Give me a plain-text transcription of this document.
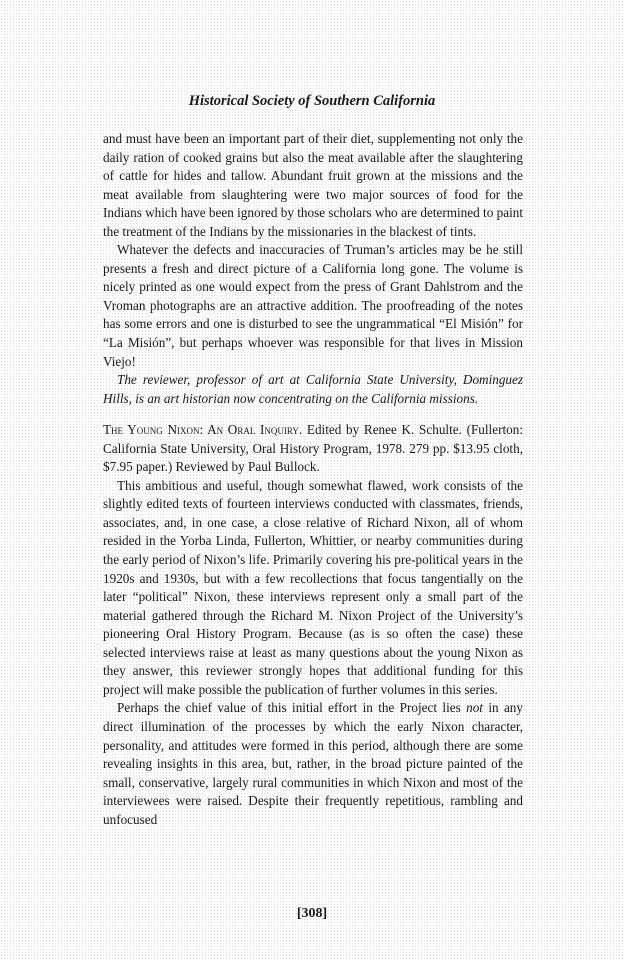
Historical Society of Southern California

and must have been an important part of their diet, supplementing not only the daily ration of cooked grains but also the meat available after the slaughtering of cattle for hides and tallow. Abundant fruit grown at the missions and the meat available from slaughtering were two major sources of food for the Indians which have been ignored by those scholars who are determined to paint the treatment of the Indians by the missionaries in the blackest of tints.

Whatever the defects and inaccuracies of Truman’s articles may be he still presents a fresh and direct picture of a California long gone. The volume is nicely printed as one would expect from the press of Grant Dahlstrom and the Vroman photographs are an attractive addition. The proofreading of the notes has some errors and one is disturbed to see the ungrammatical “El Misión” for “La Misión”, but perhaps whoever was responsible for that lives in Mission Viejo!

The reviewer, professor of art at California State University, Dominguez Hills, is an art historian now concentrating on the California missions.

The Young Nixon: An Oral Inquiry. Edited by Renee K. Schulte. (Fullerton: California State University, Oral History Program, 1978. 279 pp. $13.95 cloth, $7.95 paper.) Reviewed by Paul Bullock.

This ambitious and useful, though somewhat flawed, work consists of the slightly edited texts of fourteen interviews conducted with classmates, friends, associates, and, in one case, a close relative of Richard Nixon, all of whom resided in the Yorba Linda, Fullerton, Whittier, or nearby communities during the early period of Nixon’s life. Primarily covering his pre-political years in the 1920s and 1930s, but with a few recollections that focus tangentially on the later “political” Nixon, these interviews represent only a small part of the material gathered through the Richard M. Nixon Project of the University’s pioneering Oral History Program. Because (as is so often the case) these selected interviews raise at least as many questions about the young Nixon as they answer, this reviewer strongly hopes that additional funding for this project will make possible the publication of further volumes in this series.

Perhaps the chief value of this initial effort in the Project lies not in any direct illumination of the processes by which the early Nixon character, personality, and attitudes were formed in this period, although there are some revealing insights in this area, but, rather, in the broad picture painted of the small, conservative, largely rural communities in which Nixon and most of the interviewees were raised. Despite their frequently repetitious, rambling and unfocused

[308]
